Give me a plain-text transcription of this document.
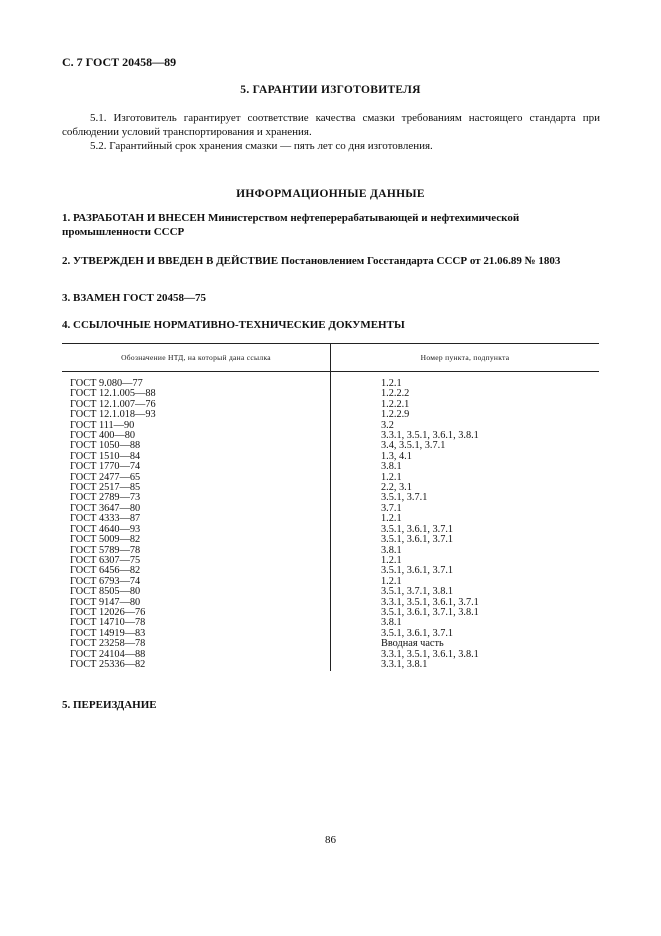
С. 7 ГОСТ 20458—89
5. ГАРАНТИИ ИЗГОТОВИТЕЛЯ
5.1. Изготовитель гарантирует соответствие качества смазки требованиям настоящего стандарта при соблюдении условий транспортирования и хранения.
5.2. Гарантийный срок хранения смазки — пять лет со дня изготовления.
ИНФОРМАЦИОННЫЕ ДАННЫЕ
1. РАЗРАБОТАН И ВНЕСЕН Министерством нефтеперерабатывающей и нефтехимической промышленности СССР
2. УТВЕРЖДЕН И ВВЕДЕН В ДЕЙСТВИЕ Постановлением Госстандарта СССР от 21.06.89 № 1803
3. ВЗАМЕН ГОСТ 20458—75
4. ССЫЛОЧНЫЕ НОРМАТИВНО-ТЕХНИЧЕСКИЕ ДОКУМЕНТЫ
Обозначение НТД, на который дана ссылка	Номер пункта, подпункта
ГОСТ 9.080—77	1.2.1
ГОСТ 12.1.005—88	1.2.2.2
ГОСТ 12.1.007—76	1.2.2.1
ГОСТ 12.1.018—93	1.2.2.9
ГОСТ 111—90	3.2
ГОСТ 400—80	3.3.1, 3.5.1, 3.6.1, 3.8.1
ГОСТ 1050—88	3.4, 3.5.1, 3.7.1
ГОСТ 1510—84	1.3, 4.1
ГОСТ 1770—74	3.8.1
ГОСТ 2477—65	1.2.1
ГОСТ 2517—85	2.2, 3.1
ГОСТ 2789—73	3.5.1, 3.7.1
ГОСТ 3647—80	3.7.1
ГОСТ 4333—87	1.2.1
ГОСТ 4640—93	3.5.1, 3.6.1, 3.7.1
ГОСТ 5009—82	3.5.1, 3.6.1, 3.7.1
ГОСТ 5789—78	3.8.1
ГОСТ 6307—75	1.2.1
ГОСТ 6456—82	3.5.1, 3.6.1, 3.7.1
ГОСТ 6793—74	1.2.1
ГОСТ 8505—80	3.5.1, 3.7.1, 3.8.1
ГОСТ 9147—80	3.3.1, 3.5.1, 3.6.1, 3.7.1
ГОСТ 12026—76	3.5.1, 3.6.1, 3.7.1, 3.8.1
ГОСТ 14710—78	3.8.1
ГОСТ 14919—83	3.5.1, 3.6.1, 3.7.1
ГОСТ 23258—78	Вводная часть
ГОСТ 24104—88	3.3.1, 3.5.1, 3.6.1, 3.8.1
ГОСТ 25336—82	3.3.1, 3.8.1
5. ПЕРЕИЗДАНИЕ
86
